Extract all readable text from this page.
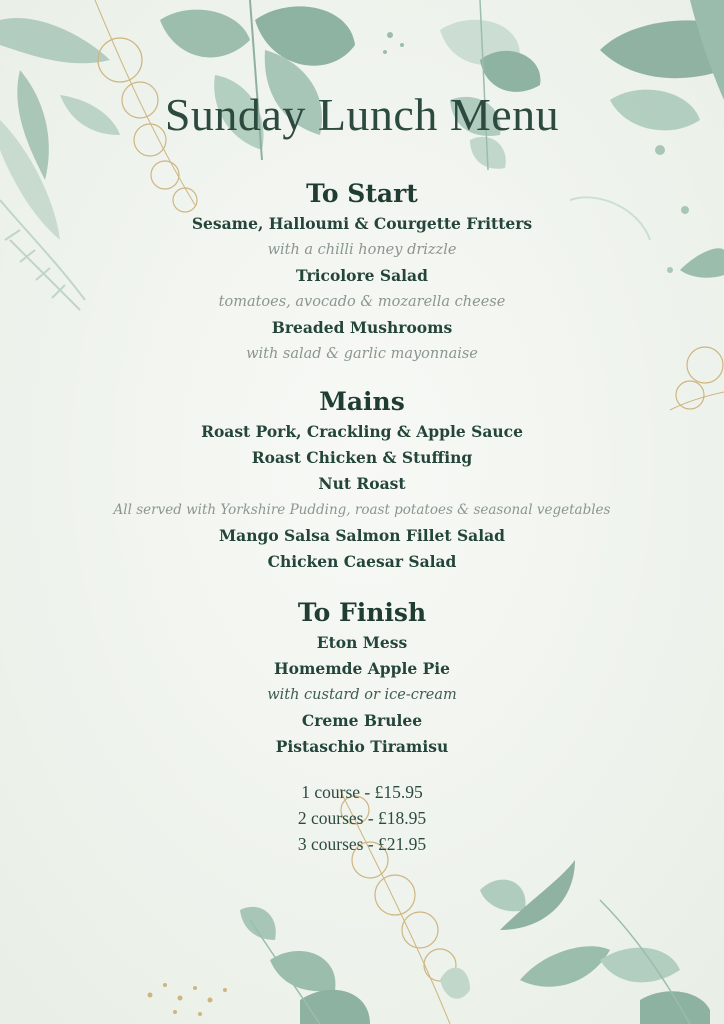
Sunday Lunch Menu
To Start
Sesame, Halloumi & Courgette Fritters
with a chilli honey drizzle
Tricolore Salad
tomatoes, avocado & mozarella cheese
Breaded Mushrooms
with salad & garlic mayonnaise
Mains
Roast Pork, Crackling & Apple Sauce
Roast Chicken & Stuffing
Nut Roast
All served with Yorkshire Pudding, roast potatoes & seasonal vegetables
Mango Salsa Salmon Fillet Salad
Chicken Caesar Salad
To Finish
Eton Mess
Homemde Apple Pie
with custard or ice-cream
Creme Brulee
Pistaschio Tiramisu
1 course - £15.95
2 courses - £18.95
3 courses - £21.95
